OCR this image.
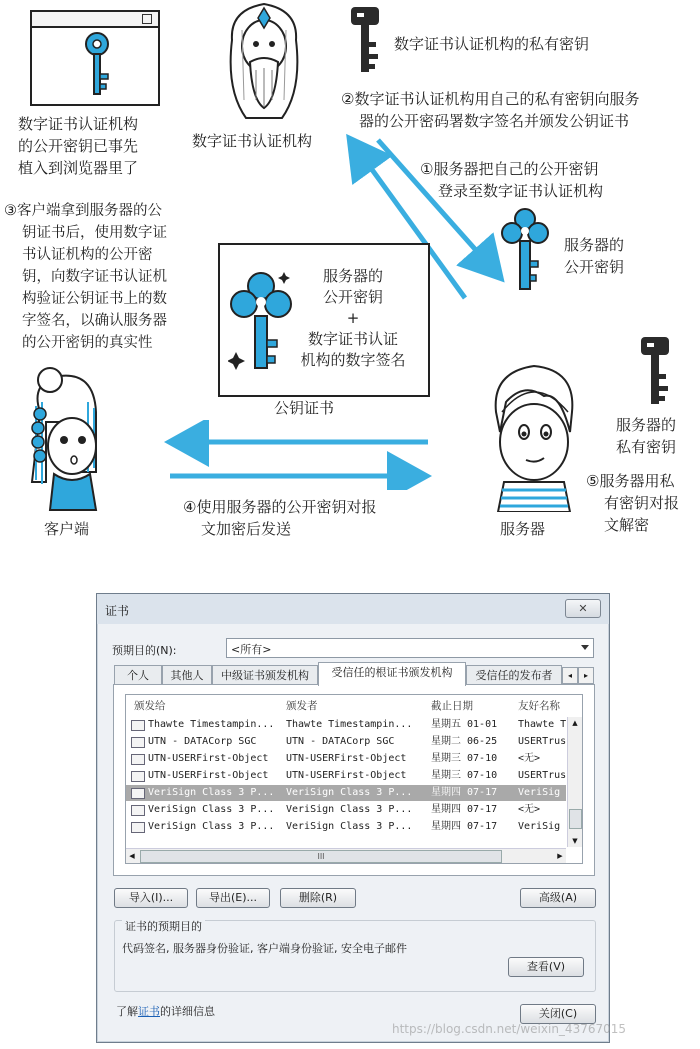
数字证书认证机构
的公开密钥已事先
植入到浏览器里了
数字证书认证机构
数字证书认证机构的私有密钥
②数字证书认证机构用自己的私有密钥向服务
器的公开密码署数字签名并颁发公钥证书
①服务器把自己的公开密钥
登录至数字证书认证机构
服务器的
公开密钥
③客户端拿到服务器的公
钥证书后，使用数字证
书认证机构的公开密
钥，向数字证书认证机
构验证公钥证书上的数
字签名，以确认服务器
的公开密钥的真实性
服务器的
公开密钥
+
数字证书认证
机构的数字签名
公钥证书
客户端	服务器
服务器的
私有密钥
⑤服务器用私
有密钥对报
文解密
④使用服务器的公开密钥对报
文加密后发送
证书	✕
预期目的(N):	<所有>
个人	其他人	中级证书颁发机构	受信任的根证书颁发机构	受信任的发布者	◂	▸
颁发给	颁发者	截止日期	友好名称
Thawte Timestampin...	Thawte Timestampin...	星期五 01-01	Thawte T
UTN - DATACorp SGC	UTN - DATACorp SGC	星期二 06-25	USERTrus
UTN-USERFirst-Object	UTN-USERFirst-Object	星期三 07-10	<无>
UTN-USERFirst-Object	UTN-USERFirst-Object	星期三 07-10	USERTrus
VeriSign Class 3 P...	VeriSign Class 3 P...	星期四 07-17	VeriSig
VeriSign Class 3 P...	VeriSign Class 3 P...	星期四 07-17	<无>
VeriSign Class 3 P...	VeriSign Class 3 P...	星期四 07-17	VeriSig
▲
▼
◀	III	▶
导入(I)...	导出(E)...	删除(R)	高级(A)
证书的预期目的
代码签名, 服务器身份验证, 客户端身份验证, 安全电子邮件
查看(V)
了解证书的详细信息	关闭(C)
https://blog.csdn.net/weixin_43767015
